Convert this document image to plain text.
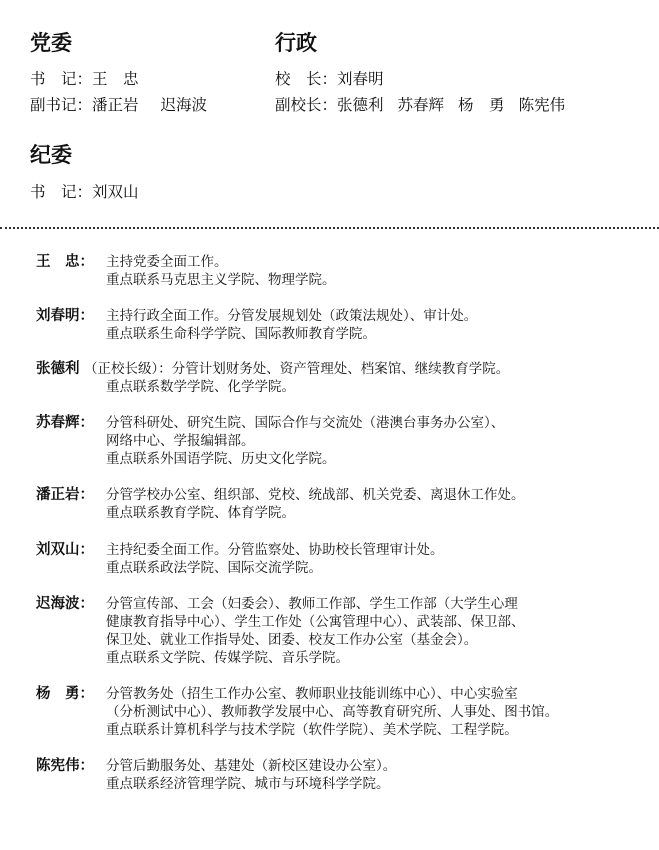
党委	行政
书　记：王　忠
副书记：潘正岩 迟海波
校　长：刘春明
副校长：张德利 苏春辉 杨　勇 陈宪伟
纪委
书　记：刘双山
王　忠： 主持党委全面工作。
重点联系马克思主义学院、物理学院。
刘春明： 主持行政全面工作。分管发展规划处（政策法规处）、审计处。
重点联系生命科学学院、国际教师教育学院。
张德利 （正校长级）：分管计划财务处、资产管理处、档案馆、继续教育学院。
重点联系数学学院、化学学院。
苏春辉： 分管科研处、研究生院、国际合作与交流处（港澳台事务办公室）、
网络中心、学报编辑部。
重点联系外国语学院、历史文化学院。
潘正岩： 分管学校办公室、组织部、党校、统战部、机关党委、离退休工作处。
重点联系教育学院、体育学院。
刘双山： 主持纪委全面工作。分管监察处、协助校长管理审计处。
重点联系政法学院、国际交流学院。
迟海波： 分管宣传部、工会（妇委会）、教师工作部、学生工作部（大学生心理
健康教育指导中心）、学生工作处（公寓管理中心）、武装部、保卫部、
保卫处、就业工作指导处、团委、校友工作办公室（基金会）。
重点联系文学院、传媒学院、音乐学院。
杨　勇： 分管教务处（招生工作办公室、教师职业技能训练中心）、中心实验室
（分析测试中心）、教师教学发展中心、高等教育研究所、人事处、图书馆。
重点联系计算机科学与技术学院（软件学院）、美术学院、工程学院。
陈宪伟： 分管后勤服务处、基建处（新校区建设办公室）。
重点联系经济管理学院、城市与环境科学学院。
